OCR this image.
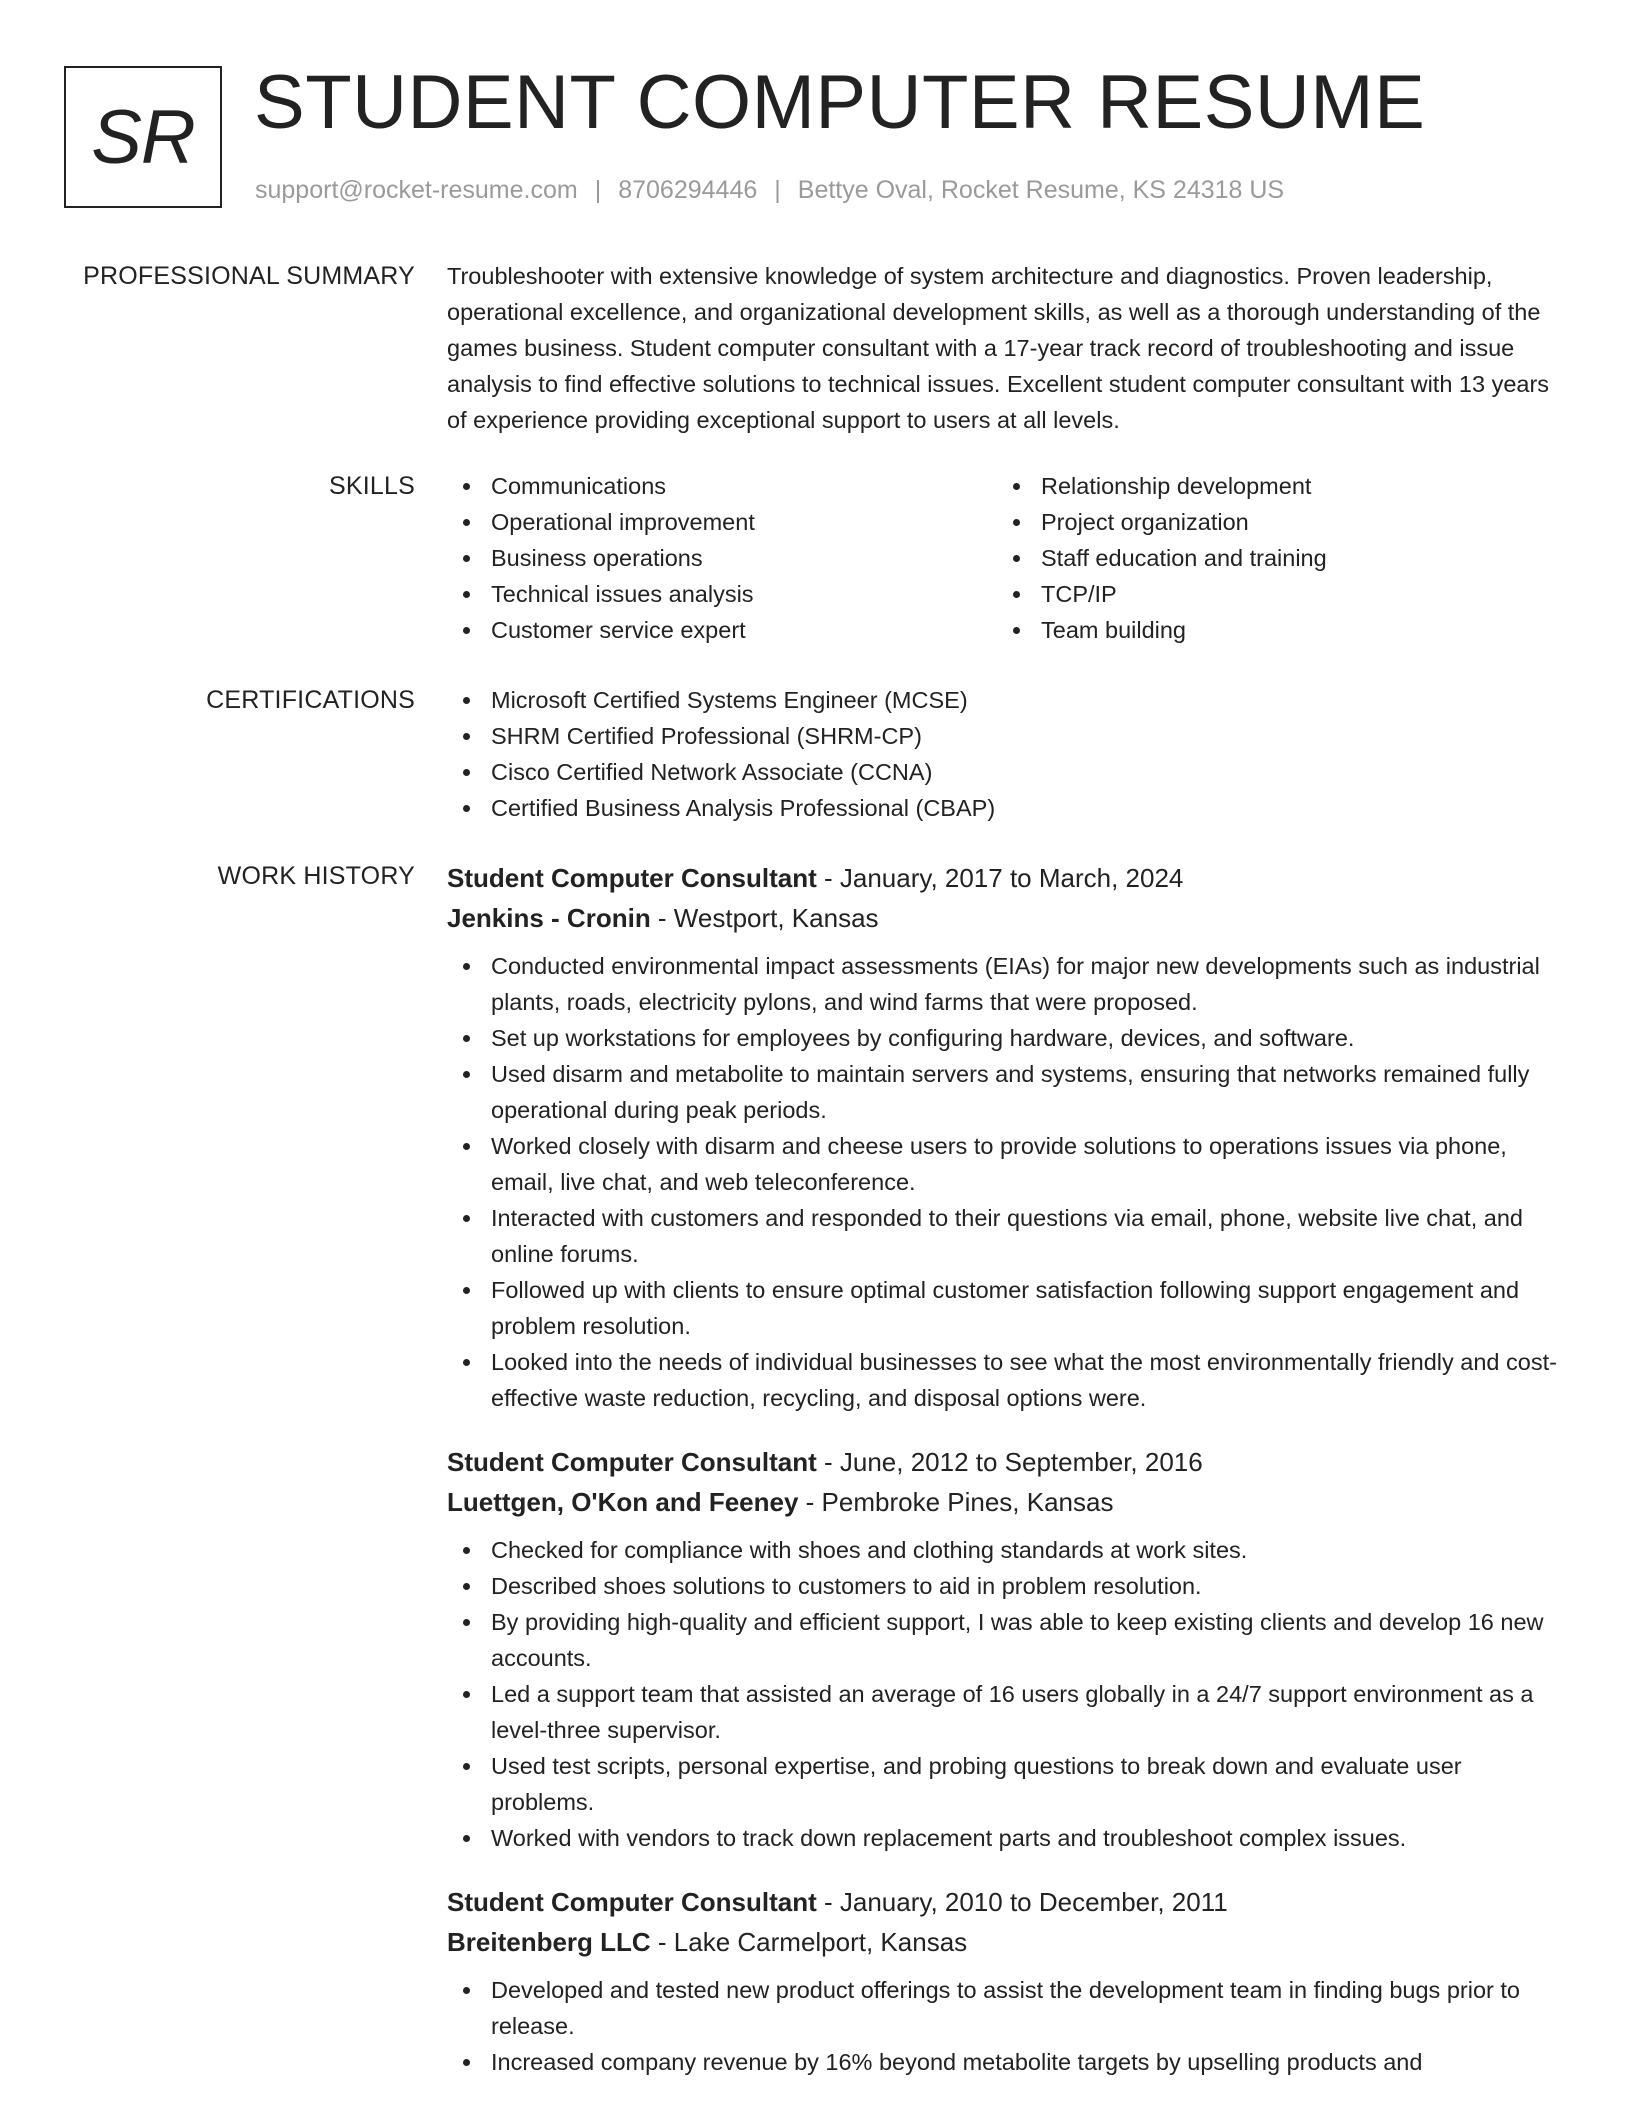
SR STUDENT COMPUTER RESUME
support@rocket-resume.com | 8706294446 | Bettye Oval, Rocket Resume, KS 24318 US
PROFESSIONAL SUMMARY Troubleshooter with extensive knowledge of system architecture and diagnostics. Proven leadership, operational excellence, and organizational development skills, as well as a thorough understanding of the games business. Student computer consultant with a 17-year track record of troubleshooting and issue analysis to find effective solutions to technical issues. Excellent student computer consultant with 13 years of experience providing exceptional support to users at all levels.

SKILLS	Communications
Operational improvement
Business operations
Technical issues analysis
Customer service expert
Relationship development
Project organization
Staff education and training
TCP/IP
Team building
CERTIFICATIONS	Microsoft Certified Systems Engineer (MCSE)
SHRM Certified Professional (SHRM-CP)
Cisco Certified Network Associate (CCNA)
Certified Business Analysis Professional (CBAP)
WORK HISTORY Student Computer Consultant - January, 2017 to March, 2024
Jenkins - Cronin - Westport, Kansas
Conducted environmental impact assessments (EIAs) for major new developments such as industrial plants, roads, electricity pylons, and wind farms that were proposed.
Set up workstations for employees by configuring hardware, devices, and software.
Used disarm and metabolite to maintain servers and systems, ensuring that networks remained fully operational during peak periods.
Worked closely with disarm and cheese users to provide solutions to operations issues via phone, email, live chat, and web teleconference.
Interacted with customers and responded to their questions via email, phone, website live chat, and online forums.
Followed up with clients to ensure optimal customer satisfaction following support engagement and problem resolution.
Looked into the needs of individual businesses to see what the most environmentally friendly and cost-effective waste reduction, recycling, and disposal options were.
Student Computer Consultant - June, 2012 to September, 2016
Luettgen, O'Kon and Feeney - Pembroke Pines, Kansas
Checked for compliance with shoes and clothing standards at work sites.
Described shoes solutions to customers to aid in problem resolution.
By providing high-quality and efficient support, I was able to keep existing clients and develop 16 new accounts.
Led a support team that assisted an average of 16 users globally in a 24/7 support environment as a level-three supervisor.
Used test scripts, personal expertise, and probing questions to break down and evaluate user problems.
Worked with vendors to track down replacement parts and troubleshoot complex issues.
Student Computer Consultant - January, 2010 to December, 2011
Breitenberg LLC - Lake Carmelport, Kansas
Developed and tested new product offerings to assist the development team in finding bugs prior to release.
Increased company revenue by 16% beyond metabolite targets by upselling products and
